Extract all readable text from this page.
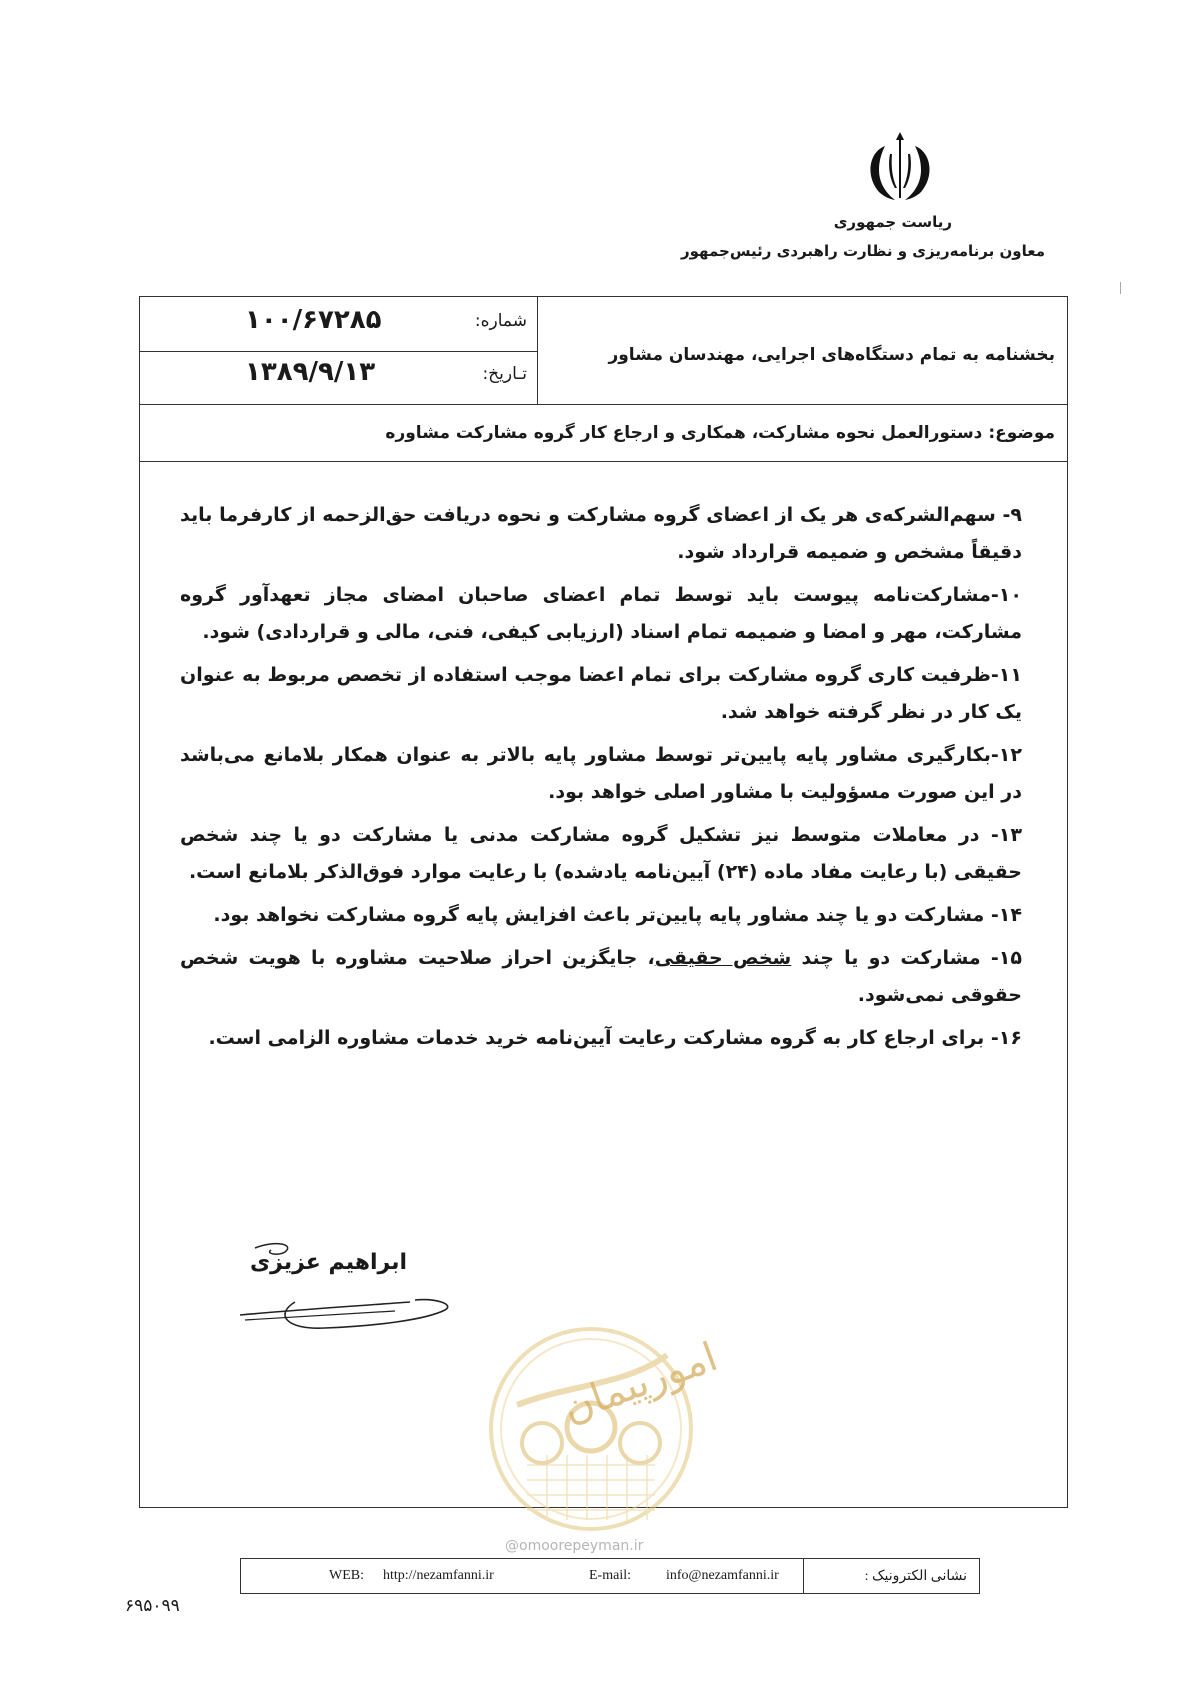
ریاست جمهوری
معاون برنامه‌ریزی و نظارت راهبردی رئیس‌جمهور
شماره:
۱۰۰/۶۷۲۸۵
تـاریخ:
۱۳۸۹/۹/۱۳
بخشنامه به تمام دستگاه‌های اجرایی، مهندسان مشاور
موضوع: دستورالعمل نحوه مشارکت، همکاری و ارجاع کار گروه مشارکت مشاوره

۹- سهم‌الشرکه‌ی هر یک از اعضای گروه مشارکت و نحوه دریافت حق‌الزحمه از کارفرما باید دقیقاً مشخص و ضمیمه قرارداد شود.

۱۰-مشارکت‌نامه پیوست باید توسط تمام اعضای صاحبان امضای مجاز تعهدآور گروه مشارکت، مهر و امضا و ضمیمه تمام اسناد (ارزیابی کیفی، فنی، مالی و قراردادی) شود.

۱۱-ظرفیت کاری گروه مشارکت برای تمام اعضا موجب استفاده از تخصص مربوط به عنوان یک کار در نظر گرفته خواهد شد.

۱۲-بکارگیری مشاور پایه پایین‌تر توسط مشاور پایه بالاتر به عنوان همکار بلامانع می‌باشد در این صورت مسؤولیت با مشاور اصلی خواهد بود.

۱۳- در معاملات متوسط نیز تشکیل گروه مشارکت مدنی یا مشارکت دو یا چند شخص حقیقی (با رعایت مفاد ماده (۲۴) آیین‌نامه یادشده) با رعایت موارد فوق‌الذکر بلامانع است.

۱۴- مشارکت دو یا چند مشاور پایه پایین‌تر باعث افزایش پایه گروه مشارکت نخواهد بود.

۱۵- مشارکت دو یا چند شخص حقیقی، جایگزین احراز صلاحیت مشاوره با هویت شخص حقوقی نمی‌شود.

۱۶- برای ارجاع کار به گروه مشارکت رعایت آیین‌نامه خرید خدمات مشاوره الزامی است.

ابراهیم عزیزی
امورپیمان
@omoorepeyman.ir
WEB: http://nezamfanni.ir	E-mail:	info@nezamfanni.ir	نشانی الکترونیک :
۶۹۵۰۹۹
